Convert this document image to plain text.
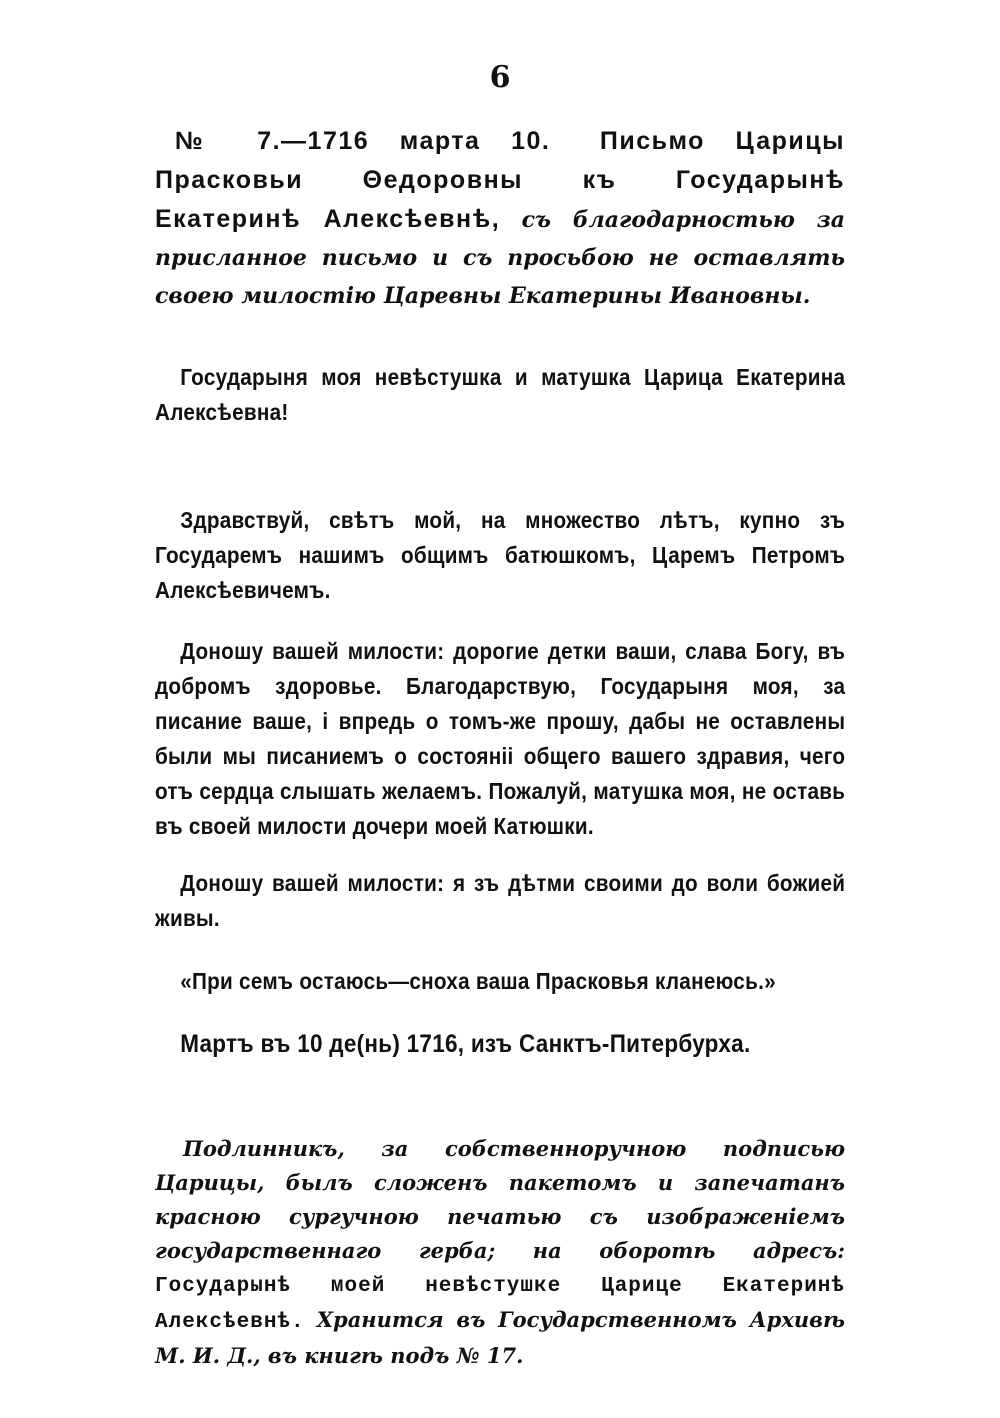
6
№ 7.—1716 марта 10. Письмо Царицы Прасковьи Θедоровны къ Государынѣ Екатеринѣ Алексѣевнѣ, съ благодарностью за присланное письмо и съ просьбою не оставлять своею милостію Царевны Екатерины Ивановны.
Государыня моя невѣстушка и матушка Царица Екатерина Алексѣевна!
Здравствуй, свѣтъ мой, на множество лѣтъ, купно зъ Государемъ нашимъ общимъ батюшкомъ, Царемъ Петромъ Алексѣевичемъ.
Доношу вашей милости: дорогие детки ваши, слава Богу, въ добромъ здоровье. Благодарствую, Государыня моя, за писание ваше, і впредь о томъ-же прошу, дабы не оставлены были мы писаниемъ о состоянiі общего вашего здравия, чего отъ сердца слышать желаемъ. Пожалуй, матушка моя, не оставь въ своей милости дочери моей Катюшки.
Доношу вашей милости: я зъ дѣтми своими до воли божией живы.
«При семъ остаюсь—сноха ваша Прасковья кланеюсь.»
Мартъ въ 10 де(нь) 1716, изъ Санктъ-Питербурха.
Подлинникъ, за собственноручною подписью Царицы, былъ сложенъ пакетомъ и запечатанъ красною сургучною печатью съ изображенiемъ государственнаго герба; на оборотѣ адресъ: Государынѣ моей невѣстушке Царице Екатеринѣ Алексѣевнѣ. Хранится въ Государственномъ Архивѣ М. И. Д., въ книгѣ подъ № 17.
